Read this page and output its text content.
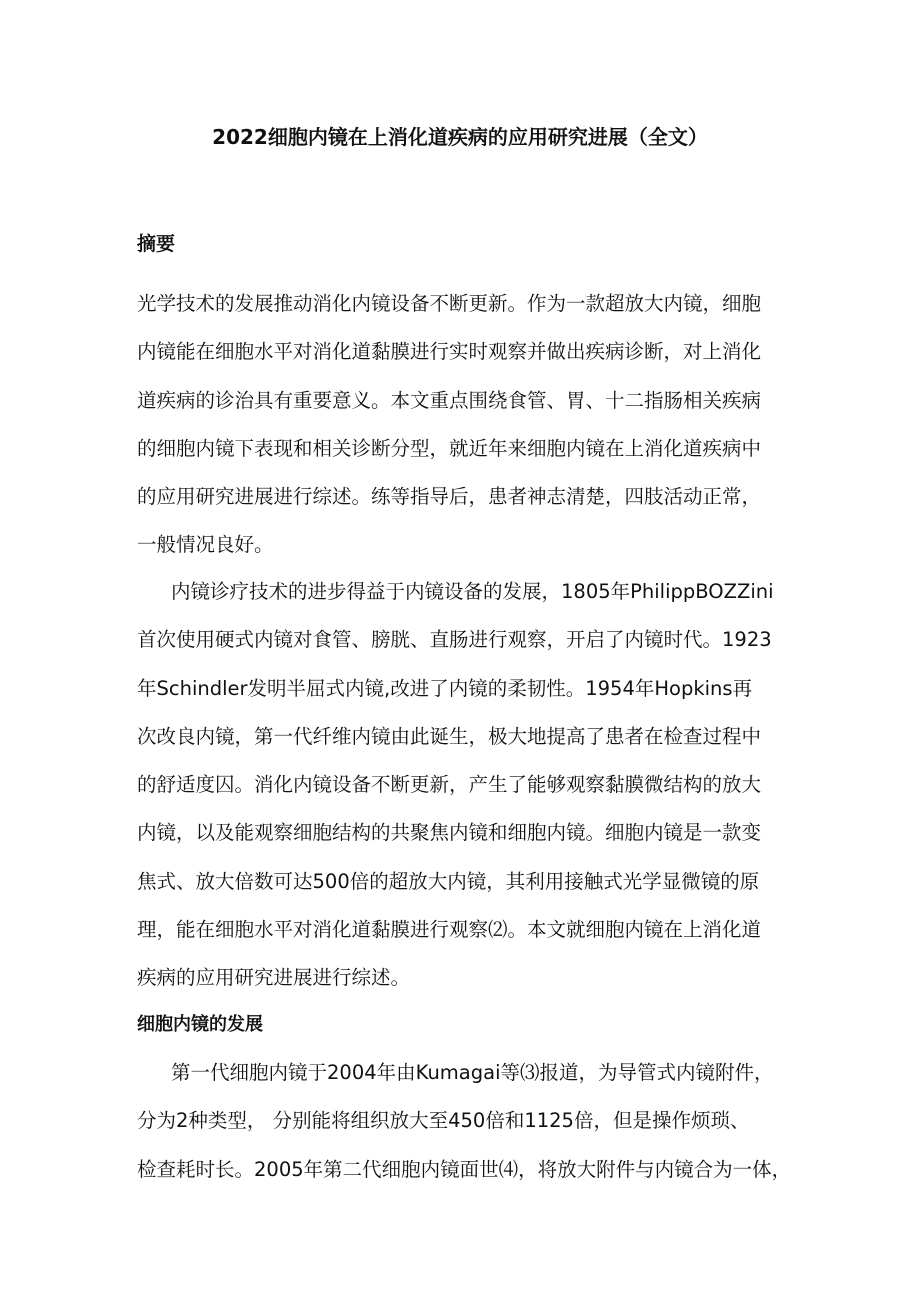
2022细胞内镜在上消化道疾病的应用研究进展（全文）
摘要
光学技术的发展推动消化内镜设备不断更新。作为一款超放大内镜，细胞
内镜能在细胞水平对消化道黏膜进行实时观察并做出疾病诊断，对上消化
道疾病的诊治具有重要意义。本文重点围绕食管、胃、十二指肠相关疾病
的细胞内镜下表现和相关诊断分型，就近年来细胞内镜在上消化道疾病中
的应用研究进展进行综述。练等指导后，患者神志清楚，四肢活动正常，
一般情况良好。
内镜诊疗技术的进步得益于内镜设备的发展，1805年PhilippBOZZini
首次使用硬式内镜对食管、膀胱、直肠进行观察，开启了内镜时代。1923
年Schindler发明半屈式内镜,改进了内镜的柔韧性。1954年Hopkins再
次改良内镜，第一代纤维内镜由此诞生，极大地提高了患者在检查过程中
的舒适度囚。消化内镜设备不断更新，产生了能够观察黏膜微结构的放大
内镜，以及能观察细胞结构的共聚焦内镜和细胞内镜。细胞内镜是一款变
焦式、放大倍数可达500倍的超放大内镜，其利用接触式光学显微镜的原
理，能在细胞水平对消化道黏膜进行观察⑵。本文就细胞内镜在上消化道
疾病的应用研究进展进行综述。
细胞内镜的发展
第一代细胞内镜于2004年由Kumagai等⑶报道，为导管式内镜附件，
分为2种类型， 分别能将组织放大至450倍和1125倍，但是操作烦琐、
检查耗时长。2005年第二代细胞内镜面世⑷，将放大附件与内镜合为一体，
